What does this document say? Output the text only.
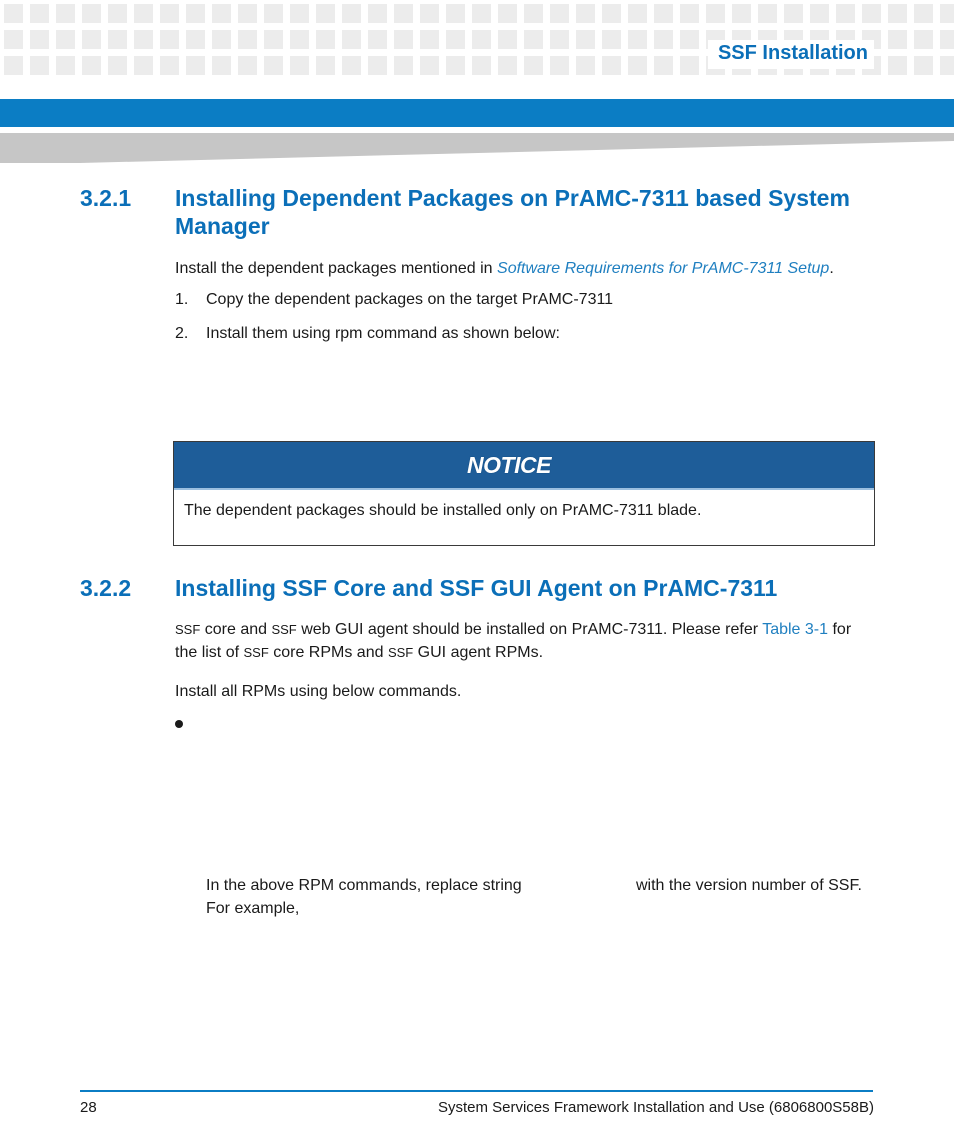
SSF Installation
3.2.1	Installing Dependent Packages on PrAMC-7311 based System Manager
Install the dependent packages mentioned in Software Requirements for PrAMC-7311 Setup.
1. Copy the dependent packages on the target PrAMC-7311
2. Install them using rpm command as shown below:
NOTICE
The dependent packages should be installed only on PrAMC-7311 blade.
3.2.2	Installing SSF Core and SSF GUI Agent on PrAMC-7311
SSF core and SSF web GUI agent should be installed on PrAMC-7311. Please refer Table 3-1 for
the list of SSF core RPMs and SSF GUI agent RPMs.
Install all RPMs using below commands.
In the above RPM commands, replace string	with the version number of SSF.
For example,
28	System Services Framework Installation and Use (6806800S58B)
